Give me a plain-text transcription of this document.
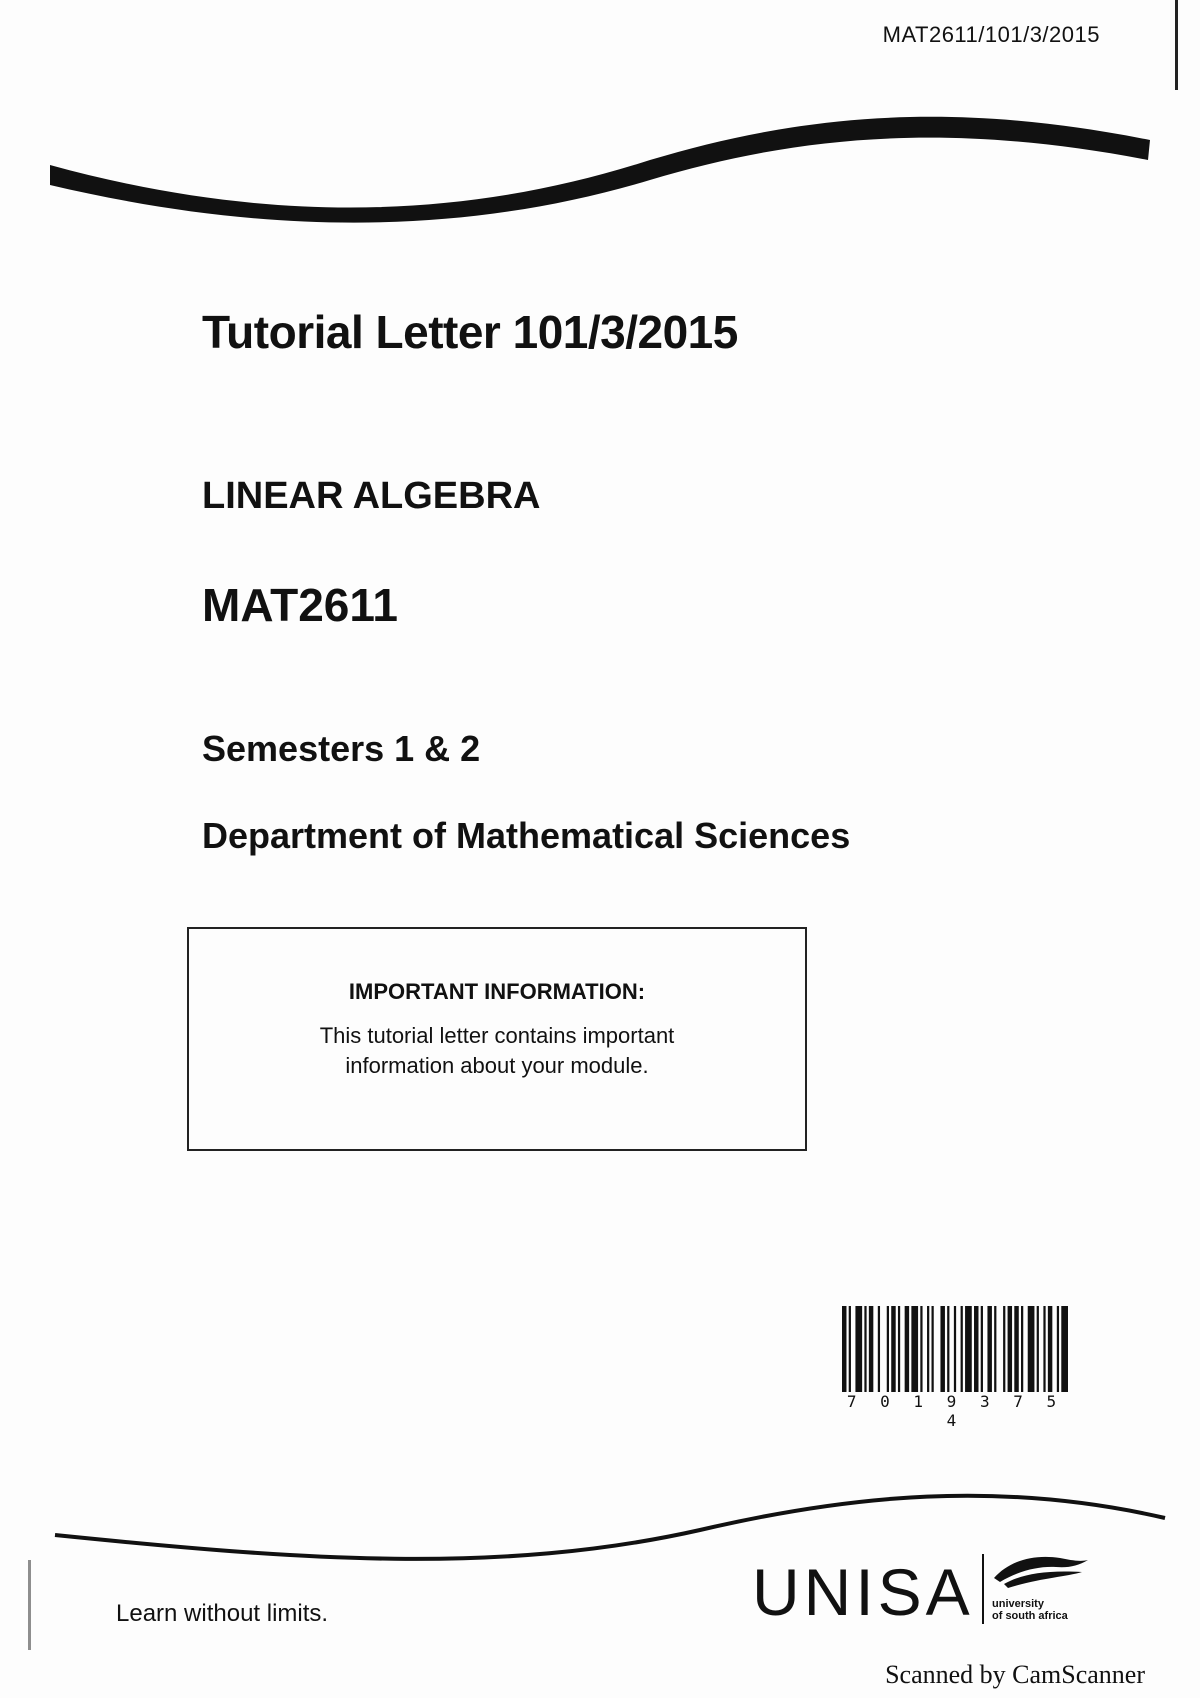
MAT2611/101/3/2015
Tutorial Letter 101/3/2015
LINEAR ALGEBRA
MAT2611
Semesters 1 & 2
Department of Mathematical Sciences
IMPORTANT INFORMATION:
This tutorial letter contains important information about your module.
7 0 1 9 3 7 5 4
Learn without limits.	UNISA university
of south africa
Scanned by CamScanner
